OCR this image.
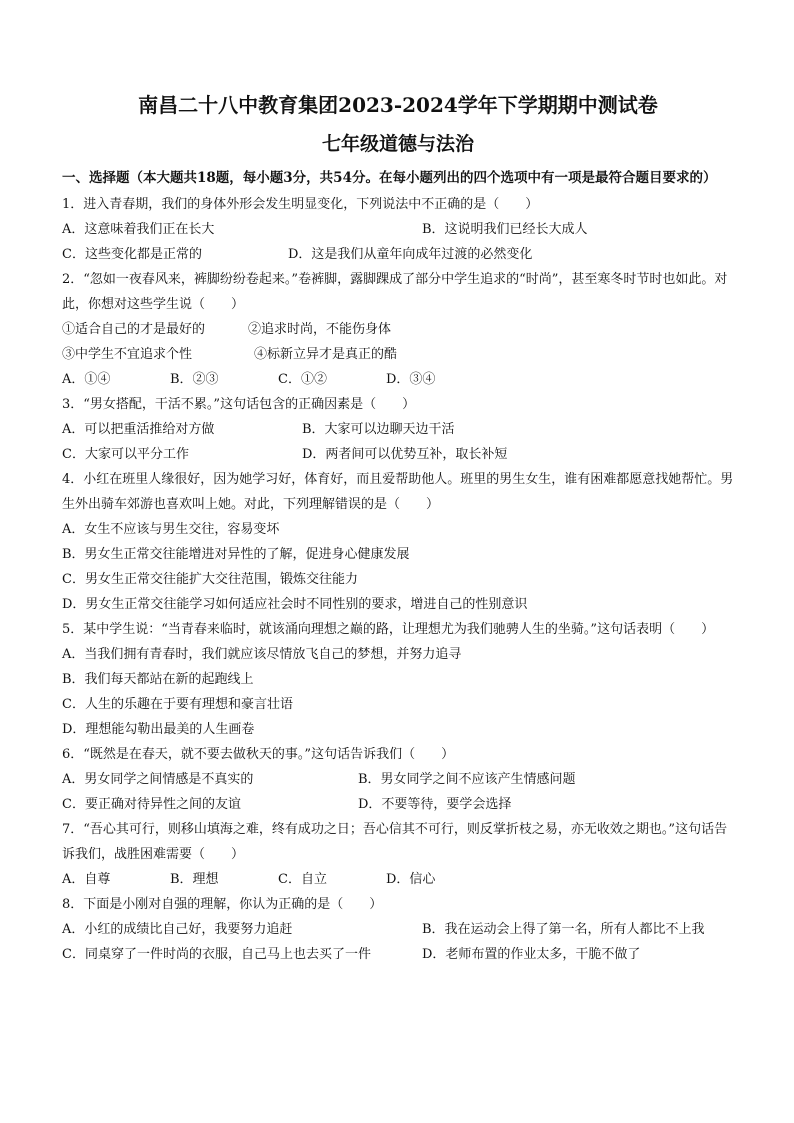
南昌二十八中教育集团2023-2024学年下学期期中测试卷
七年级道德与法治
一、选择题（本大题共18题，每小题3分，共54分。在每小题列出的四个选项中有一项是最符合题目要求的）
1．进入青春期，我们的身体外形会发生明显变化，下列说法中不正确的是（　　）
A．这意味着我们正在长大	B．这说明我们已经长大成人
C．这些变化都是正常的	D．这是我们从童年向成年过渡的必然变化
2．“忽如一夜春风来，裤脚纷纷卷起来。”卷裤脚，露脚踝成了部分中学生追求的“时尚”，甚至寒冬时节时也如此。对此，你想对这些学生说（　　）
①适合自己的才是最好的	②追求时尚，不能伤身体
③中学生不宜追求个性	④标新立异才是真正的酷
A．①④	B．②③	C．①②	D．③④
3．“男女搭配，干活不累。”这句话包含的正确因素是（　　）
A．可以把重活推给对方做	B．大家可以边聊天边干活
C．大家可以平分工作	D．两者间可以优势互补，取长补短
4．小红在班里人缘很好，因为她学习好，体育好，而且爱帮助他人。班里的男生女生，谁有困难都愿意找她帮忙。男生外出骑车郊游也喜欢叫上她。对此，下列理解错误的是（　　）
A．女生不应该与男生交往，容易变坏
B．男女生正常交往能增进对异性的了解，促进身心健康发展
C．男女生正常交往能扩大交往范围，锻炼交往能力
D．男女生正常交往能学习如何适应社会时不同性别的要求，增进自己的性别意识
5．某中学生说：“当青春来临时，就该涌向理想之巅的路，让理想尤为我们驰骋人生的坐骑。”这句话表明（　　）
A．当我们拥有青春时，我们就应该尽情放飞自己的梦想，并努力追寻
B．我们每天都站在新的起跑线上
C．人生的乐趣在于要有理想和豪言壮语
D．理想能勾勒出最美的人生画卷
6．“既然是在春天，就不要去做秋天的事。”这句话告诉我们（　　）
A．男女同学之间情感是不真实的	B．男女同学之间不应该产生情感问题
C．要正确对待异性之间的友谊	D．不要等待，要学会选择
7．“吾心其可行，则移山填海之难，终有成功之日；吾心信其不可行，则反掌折枝之易，亦无收效之期也。”这句话告诉我们，战胜困难需要（　　）
A．自尊	B．理想	C．自立	D．信心
8．下面是小刚对自强的理解，你认为正确的是（　　）
A．小红的成绩比自己好，我要努力追赶	B．我在运动会上得了第一名，所有人都比不上我
C．同桌穿了一件时尚的衣服，自己马上也去买了一件	D．老师布置的作业太多，干脆不做了
